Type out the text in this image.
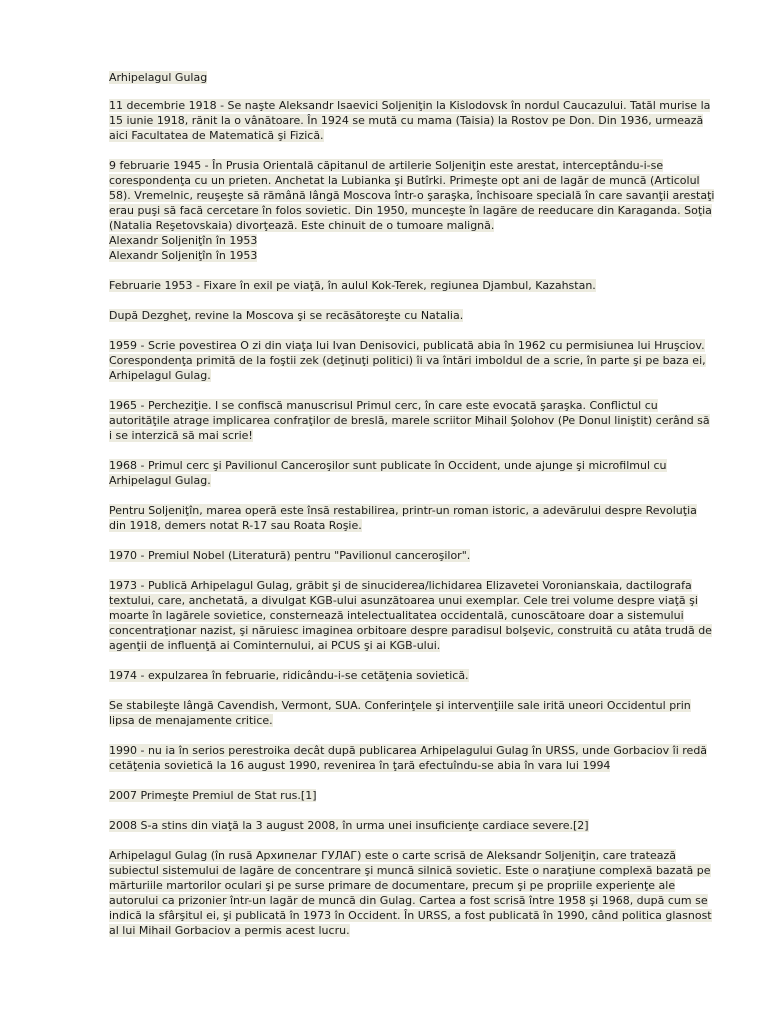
Arhipelagul Gulag

11 decembrie 1918 - Se naşte Aleksandr Isaevici Soljeniţin la Kislodovsk în nordul Caucazului. Tatăl murise la 15 iunie 1918, rănit la o vânătoare. În 1924 se mută cu mama (Taisia) la Rostov pe Don. Din 1936, urmează aici Facultatea de Matematică şi Fizică.

9 februarie 1945 - În Prusia Orientală căpitanul de artilerie Soljeniţin este arestat, interceptându-i-se corespondenţa cu un prieten. Anchetat la Lubianka şi Butîrki. Primeşte opt ani de lagăr de muncă (Articolul 58). Vremelnic, reuşeşte să rămână lângă Moscova într-o şaraşka, închisoare specială în care savanţii arestaţi erau puşi să facă cercetare în folos sovietic. Din 1950, munceşte în lagăre de reeducare din Karaganda. Soţia (Natalia Reşetovskaia) divorţează. Este chinuit de o tumoare malignă.
Alexandr Soljeniţîn în 1953
Alexandr Soljeniţîn în 1953

Februarie 1953 - Fixare în exil pe viaţă, în aulul Kok-Terek, regiunea Djambul, Kazahstan.

După Dezgheţ, revine la Moscova şi se recăsătoreşte cu Natalia.

1959 - Scrie povestirea O zi din viaţa lui Ivan Denisovici, publicată abia în 1962 cu permisiunea lui Hruşciov. Corespondenţa primită de la foştii zek (deţinuţi politici) îi va întări imboldul de a scrie, în parte şi pe baza ei, Arhipelagul Gulag.

1965 - Percheziţie. I se confiscă manuscrisul Primul cerc, în care este evocată şaraşka. Conflictul cu autorităţile atrage implicarea confraţilor de breslă, marele scriitor Mihail Şolohov (Pe Donul liniştit) cerând să i se interzică să mai scrie!

1968 - Primul cerc şi Pavilionul Canceroşilor sunt publicate în Occident, unde ajunge şi microfilmul cu Arhipelagul Gulag.

Pentru Soljeniţîn, marea operă este însă restabilirea, printr-un roman istoric, a adevărului despre Revoluţia din 1918, demers notat R-17 sau Roata Roşie.

1970 - Premiul Nobel (Literatură) pentru "Pavilionul canceroşilor".

1973 - Publică Arhipelagul Gulag, grăbit şi de sinuciderea/lichidarea Elizavetei Voronianskaia, dactilografa textului, care, anchetată, a divulgat KGB-ului asunzătoarea unui exemplar. Cele trei volume despre viaţă şi moarte în lagărele sovietice, consternează intelectualitatea occidentală, cunoscătoare doar a sistemului concentraţionar nazist, şi năruiesc imaginea orbitoare despre paradisul bolşevic, construită cu atâta trudă de agenţii de influenţă ai Cominternului, ai PCUS şi ai KGB-ului.

1974 - expulzarea în februarie, ridicându-i-se cetăţenia sovietică.

Se stabileşte lângă Cavendish, Vermont, SUA. Conferinţele şi intervenţiile sale irită uneori Occidentul prin lipsa de menajamente critice.

1990 - nu ia în serios perestroika decât după publicarea Arhipelagului Gulag în URSS, unde Gorbaciov îi redă cetăţenia sovietică la 16 august 1990, revenirea în ţară efectuîndu-se abia în vara lui 1994

2007 Primeşte Premiul de Stat rus.[1]

2008 S-a stins din viaţă la 3 august 2008, în urma unei insuficienţe cardiace severe.[2]

Arhipelagul Gulag (în rusă Архипелаг ГУЛАГ) este o carte scrisă de Aleksandr Soljeniţin, care tratează subiectul sistemului de lagăre de concentrare şi muncă silnică sovietic. Este o naraţiune complexă bazată pe mărturiile martorilor oculari şi pe surse primare de documentare, precum şi pe propriile experienţe ale autorului ca prizonier într-un lagăr de muncă din Gulag. Cartea a fost scrisă între 1958 şi 1968, după cum se indică la sfârşitul ei, şi publicată în 1973 în Occident. În URSS, a fost publicată în 1990, când politica glasnost al lui Mihail Gorbaciov a permis acest lucru.
